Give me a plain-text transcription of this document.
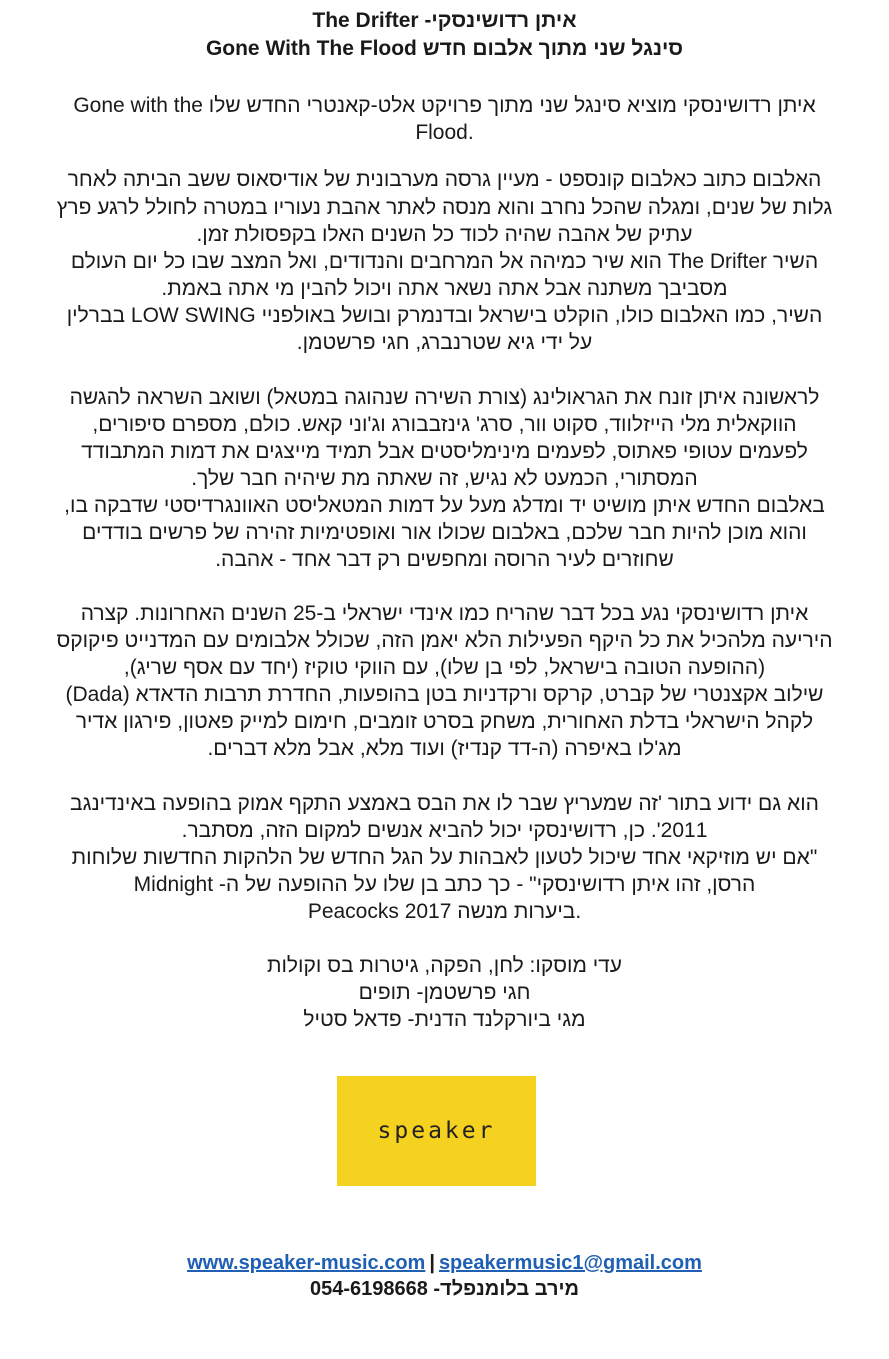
איתן רדושינסקי- The Drifter
סינגל שני מתוך אלבום חדש Gone With The Flood
איתן רדושינסקי מוציא סינגל שני מתוך פרויקט אלט-קאנטרי החדש שלו Gone with the
Flood.
האלבום כתוב כאלבום קונספט - מעיין גרסה מערבונית של אודיסאוס ששב הביתה לאחר
גלות של שנים, ומגלה שהכל נחרב והוא מנסה לאתר אהבת נעוריו במטרה לחולל לרגע פרץ
עתיק של אהבה שהיה לכוד כל השנים האלו בקפסולת זמן.
השיר The Drifter הוא שיר כמיהה אל המרחבים והנדודים, ואל המצב שבו כל יום העולם
מסביבך משתנה אבל אתה נשאר אתה ויכול להבין מי אתה באמת.
השיר, כמו האלבום כולו, הוקלט בישראל ובדנמרק ובושל באולפניי LOW SWING בברלין
על ידי גיא שטרנברג, חגי פרשטמן.
לראשונה איתן זונח את הגראולינג (צורת השירה שנהוגה במטאל) ושואב השראה להגשה
הווקאלית מלי הייזלווד, סקוט וור, סרג' גינזבבורג וג'וני קאש. כולם, מספרם סיפורים,
לפעמים עטופי פאתוס, לפעמים מינימליסטים אבל תמיד מייצגים את דמות המתבודד
המסתורי, הכמעט לא נגיש, זה שאתה מת שיהיה חבר שלך.
באלבום החדש איתן מושיט יד ומדלג מעל על דמות המטאליסט האוונגרדיסטי שדבקה בו,
והוא מוכן להיות חבר שלכם, באלבום שכולו אור ואופטימיות זהירה של פרשים בודדים
שחוזרים לעיר הרוסה ומחפשים רק דבר אחד - אהבה.
איתן רדושינסקי נגע בכל דבר שהריח כמו אינדי ישראלי ב-25 השנים האחרונות. קצרה
היריעה מלהכיל את כל היקף הפעילות הלא יאמן הזה, שכולל אלבומים עם המדנייט פיקוקס
(ההופעה הטובה בישראל, לפי בן שלו), עם הווקי טוקיז (יחד עם אסף שריג),
שילוב אקצנטרי של קברט, קרקס ורקדניות בטן בהופעות, החדרת תרבות הדאדא (Dada)
לקהל הישראלי בדלת האחורית, משחק בסרט זומבים, חימום למייק פאטון, פירגון אדיר
מג'לו באיפרה (ה-דד קנדיז) ועוד מלא, אבל מלא דברים.
הוא גם ידוע בתור 'זה שמעריץ שבר לו את הבס באמצע התקף אמוק בהופעה באינדינגב
2011'. כן, רדושינסקי יכול להביא אנשים למקום הזה, מסתבר.
"אם יש מוזיקאי אחד שיכול לטעון לאבהות על הגל החדש של הלהקות החדשות שלוחות
הרסן, זהו איתן רדושינסקי" - כך כתב בן שלו על ההופעה של ה- Midnight
Peacocks ביערות מנשה 2017.
עדי מוסקו: לחן, הפקה, גיטרות בס וקולות
חגי פרשטמן- תופים
מגי ביורקלנד הדנית- פדאל סטיל
speaker
www.speaker-music.com | speakermusic1@gmail.com
מירב בלומנפלד- 054-6198668
